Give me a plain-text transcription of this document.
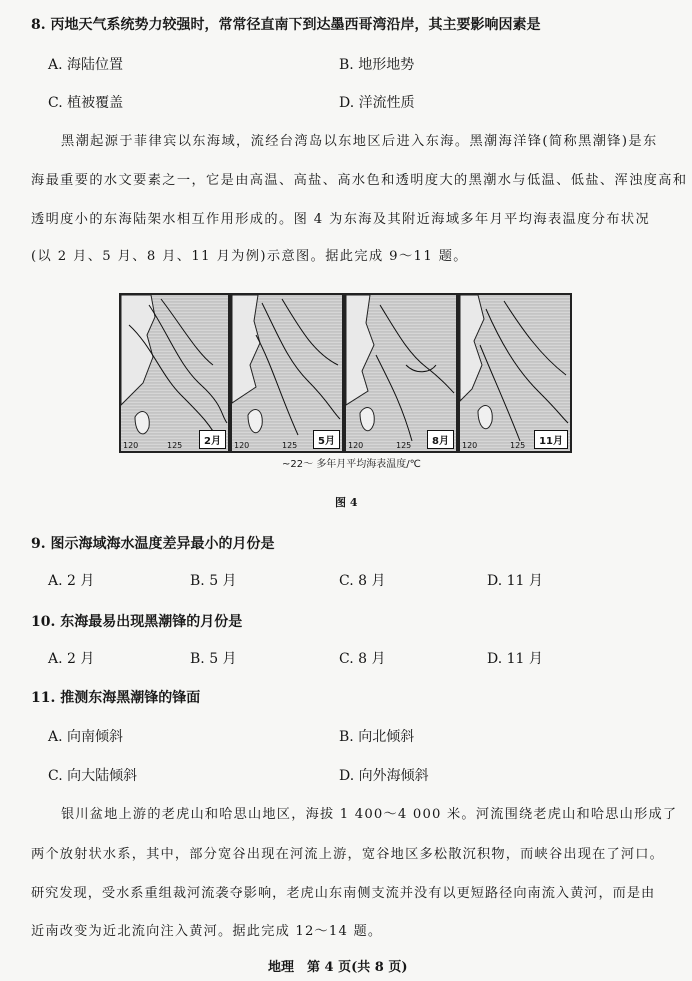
8. 丙地天气系统势力较强时，常常径直南下到达墨西哥湾沿岸，其主要影响因素是
A. 海陆位置	B. 地形地势
C. 植被覆盖	D. 洋流性质
黑潮起源于菲律宾以东海域，流经台湾岛以东地区后进入东海。黑潮海洋锋(简称黑潮锋)是东
海最重要的水文要素之一，它是由高温、高盐、高水色和透明度大的黑潮水与低温、低盐、浑浊度高和
透明度小的东海陆架水相互作用形成的。图 4 为东海及其附近海域多年月平均海表温度分布状况
(以 2 月、5 月、8 月、11 月为例)示意图。据此完成 9～11 题。
120	125	2月	120	125	5月	120	125	8月	120	125	11月
~22～ 多年月平均海表温度/℃
图 4
9. 图示海域海水温度差异最小的月份是
A. 2 月	B. 5 月	C. 8 月	D. 11 月
10. 东海最易出现黑潮锋的月份是
A. 2 月	B. 5 月	C. 8 月	D. 11 月
11. 推测东海黑潮锋的锋面
A. 向南倾斜	B. 向北倾斜
C. 向大陆倾斜	D. 向外海倾斜
银川盆地上游的老虎山和哈思山地区，海拔 1 400～4 000 米。河流围绕老虎山和哈思山形成了
两个放射状水系，其中，部分宽谷出现在河流上游，宽谷地区多松散沉积物，而峡谷出现在了河口。
研究发现，受水系重组裁河流袭夺影响，老虎山东南侧支流并没有以更短路径向南流入黄河，而是由
近南改变为近北流向注入黄河。据此完成 12～14 题。
地理　第 4 页(共 8 页)
